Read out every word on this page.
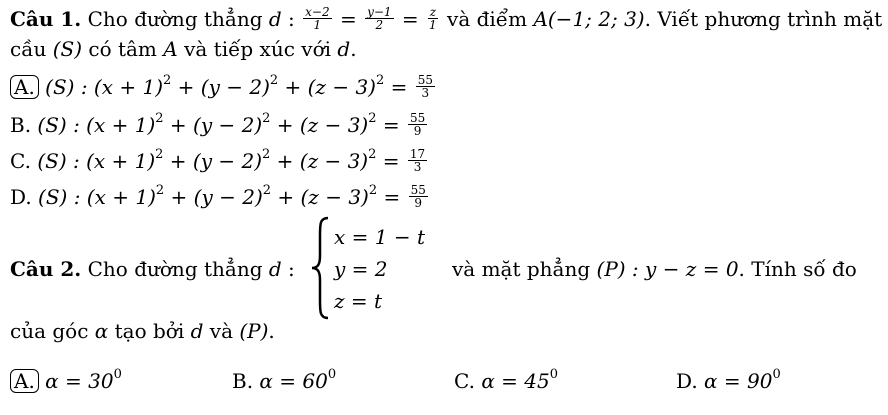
Câu 1. Cho đường thẳng d : $\frac{x-2}{1} = \frac{y-1}{2} = \frac{z}{1}$ và điểm A(−1; 2; 3). Viết phương trình mặt
cầu (S) có tâm A và tiếp xúc với d.
A. (S) : $(x + 1)^2 + (y - 2)^2 + (z - 3)^2 = \frac{55}{3}$
B. (S) : $(x + 1)^2 + (y - 2)^2 + (z - 3)^2 = \frac{55}{9}$
C. (S) : $(x + 1)^2 + (y - 2)^2 + (z - 3)^2 = \frac{17}{3}$
D. (S) : $(x + 1)^2 + (y - 2)^2 + (z - 3)^2 = \frac{55}{9}$
Câu 2. Cho đường thẳng d :
x = 1 − t
y = 2
z = t
và mặt phẳng (P) : y − z = 0. Tính số đo
của góc α tạo bởi d và (P).
A. $\alpha = 30^0$	B. $\alpha = 60^0$	C. $\alpha = 45^0$	D. $\alpha = 90^0$
